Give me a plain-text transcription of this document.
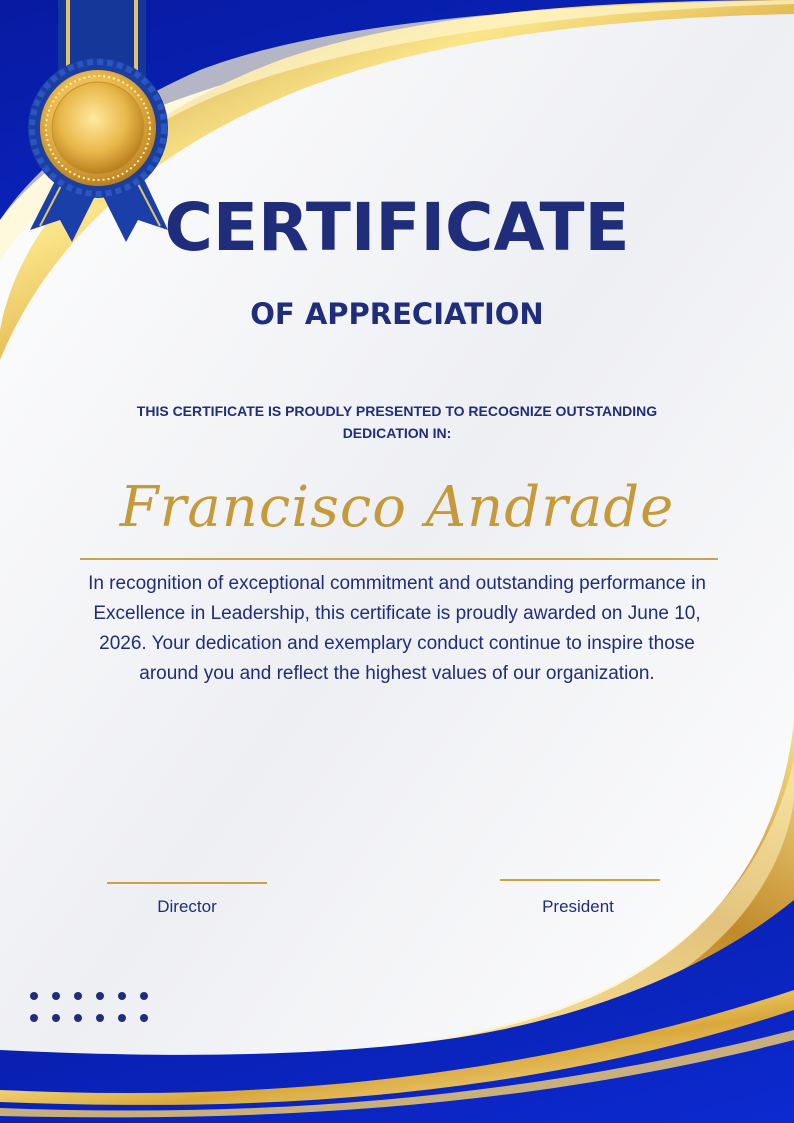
CERTIFICATE
OF APPRECIATION
THIS CERTIFICATE IS PROUDLY PRESENTED TO RECOGNIZE OUTSTANDING DEDICATION IN:
Francisco Andrade
In recognition of exceptional commitment and outstanding performance in Excellence in Leadership, this certificate is proudly awarded on June 10, 2026. Your dedication and exemplary conduct continue to inspire those around you and reflect the highest values of our organization.
Director	President
